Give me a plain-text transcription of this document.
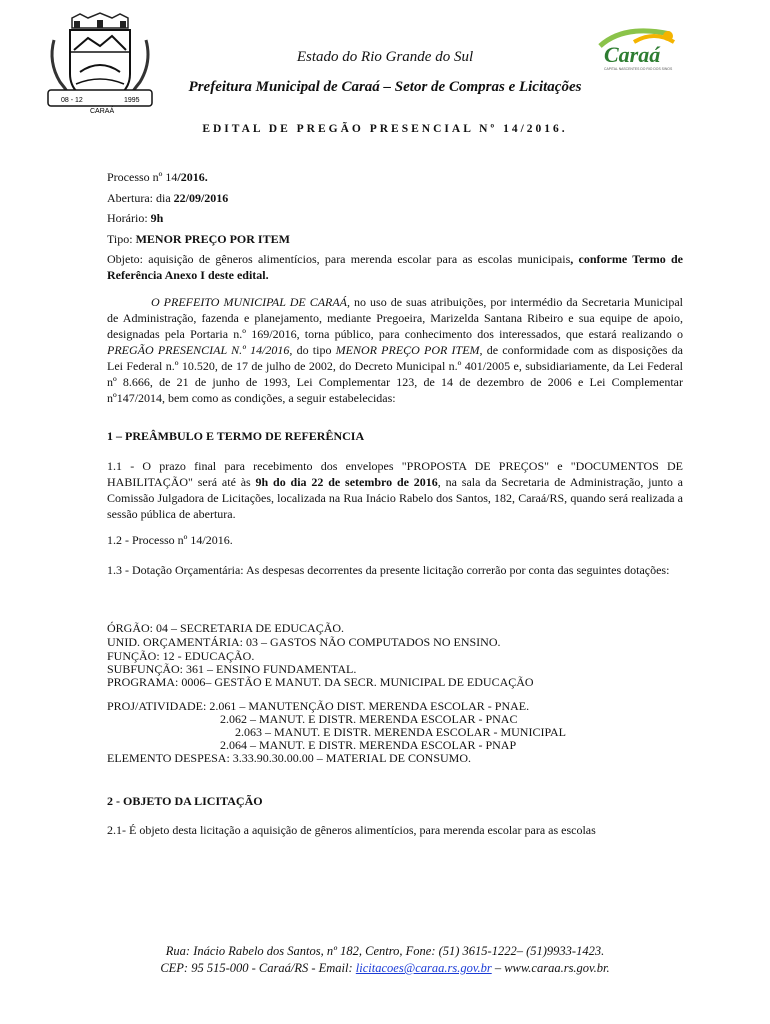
08 - 12	1995
CARAÁ
Caraá
CAPITAL NASCENTES DO RIO DOS SINOS
Estado do Rio Grande do Sul
Prefeitura Municipal de Caraá – Setor de Compras e Licitações
EDITAL DE PREGÃO PRESENCIAL Nº 14/2016.
Processo nº 14/2016.
Abertura: dia 22/09/2016
Horário: 9h
Tipo: MENOR PREÇO POR ITEM
Objeto: aquisição de gêneros alimentícios, para merenda escolar para as escolas municipais, conforme Termo de Referência Anexo I deste edital.
O PREFEITO MUNICIPAL DE CARAÁ, no uso de suas atribuições, por intermédio da Secretaria Municipal de Administração, fazenda e planejamento, mediante Pregoeira, Marizelda Santana Ribeiro e sua equipe de apoio, designadas pela Portaria n.º 169/2016, torna público, para conhecimento dos interessados, que estará realizando o PREGÃO PRESENCIAL N.º 14/2016, do tipo MENOR PREÇO POR ITEM, de conformidade com as disposições da Lei Federal n.º 10.520, de 17 de julho de 2002, do Decreto Municipal n.º 401/2005 e, subsidiariamente, da Lei Federal nº 8.666, de 21 de junho de 1993, Lei Complementar 123, de 14 de dezembro de 2006 e Lei Complementar nº147/2014, bem como as condições, a seguir estabelecidas:
1 – PREÂMBULO E TERMO DE REFERÊNCIA
1.1 - O prazo final para recebimento dos envelopes "PROPOSTA DE PREÇOS" e "DOCUMENTOS DE HABILITAÇÃO" será até às 9h do dia 22 de setembro de 2016, na sala da Secretaria de Administração, junto a Comissão Julgadora de Licitações, localizada na Rua Inácio Rabelo dos Santos, 182, Caraá/RS, quando será realizada a sessão pública de abertura.
1.2 - Processo nº 14/2016.
1.3 - Dotação Orçamentária: As despesas decorrentes da presente licitação correrão por conta das seguintes dotações:
ÓRGÃO: 04 – SECRETARIA DE EDUCAÇÃO.
UNID. ORÇAMENTÁRIA: 03 – GASTOS NÃO COMPUTADOS NO ENSINO.
FUNÇÃO: 12 - EDUCAÇÃO.
SUBFUNÇÃO: 361 – ENSINO FUNDAMENTAL.
PROGRAMA: 0006– GESTÃO E MANUT. DA SECR. MUNICIPAL DE EDUCAÇÃO
PROJ/ATIVIDADE: 2.061 – MANUTENÇÃO DIST. MERENDA ESCOLAR - PNAE.
2.062 – MANUT. E DISTR. MERENDA ESCOLAR - PNAC
2.063 – MANUT. E DISTR. MERENDA ESCOLAR - MUNICIPAL
2.064 – MANUT. E DISTR. MERENDA ESCOLAR - PNAP
ELEMENTO DESPESA: 3.33.90.30.00.00 – MATERIAL DE CONSUMO.
2 - OBJETO DA LICITAÇÃO
2.1- É objeto desta licitação a aquisição de gêneros alimentícios, para merenda escolar para as escolas
Rua: Inácio Rabelo dos Santos, nº 182, Centro, Fone: (51) 3615-1222– (51)9933-1423.
CEP: 95 515-000 - Caraá/RS - Email: licitacoes@caraa.rs.gov.br – www.caraa.rs.gov.br.
